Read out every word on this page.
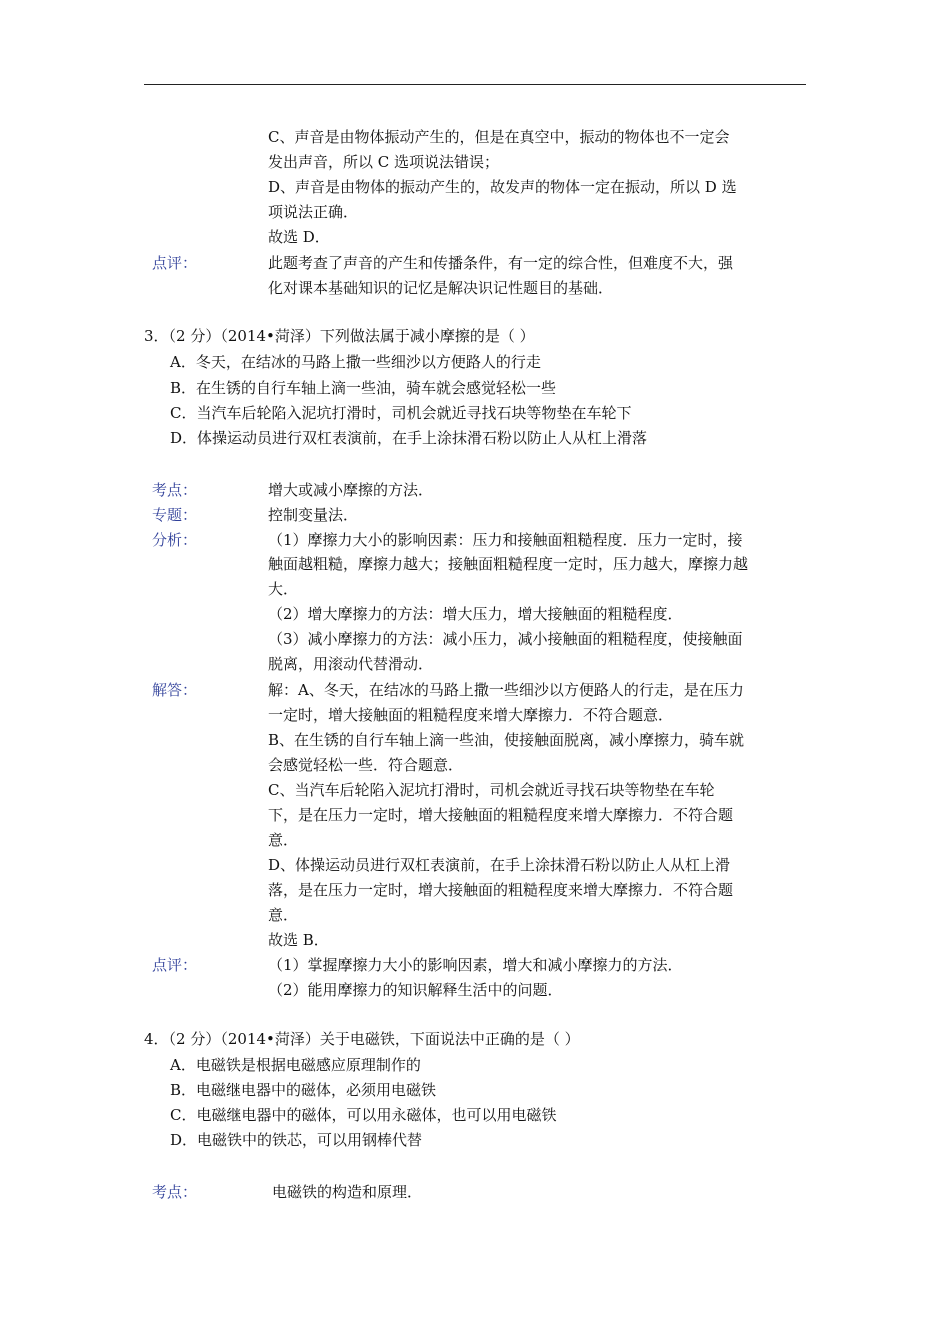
C、声音是由物体振动产生的，但是在真空中，振动的物体也不一定会
发出声音，所以 C 选项说法错误；
D、声音是由物体的振动产生的，故发声的物体一定在振动，所以 D 选
项说法正确．
故选 D．
点评：	此题考查了声音的产生和传播条件，有一定的综合性，但难度不大，强
化对课本基础知识的记忆是解决识记性题目的基础．
3．（2 分）（2014•菏泽）下列做法属于减小摩擦的是（ ）
A．冬天，在结冰的马路上撒一些细沙以方便路人的行走
B．在生锈的自行车轴上滴一些油，骑车就会感觉轻松一些
C．当汽车后轮陷入泥坑打滑时，司机会就近寻找石块等物垫在车轮下
D．体操运动员进行双杠表演前，在手上涂抹滑石粉以防止人从杠上滑落
考点：	增大或减小摩擦的方法．
专题：	控制变量法．
分析：	（1）摩擦力大小的影响因素：压力和接触面粗糙程度．压力一定时，接
触面越粗糙，摩擦力越大；接触面粗糙程度一定时，压力越大，摩擦力越
大．
（2）增大摩擦力的方法：增大压力，增大接触面的粗糙程度．
（3）减小摩擦力的方法：减小压力，减小接触面的粗糙程度，使接触面
脱离，用滚动代替滑动．
解答：	解：A、冬天，在结冰的马路上撒一些细沙以方便路人的行走，是在压力
一定时，增大接触面的粗糙程度来增大摩擦力．不符合题意．
B、在生锈的自行车轴上滴一些油，使接触面脱离，减小摩擦力，骑车就
会感觉轻松一些．符合题意．
C、当汽车后轮陷入泥坑打滑时，司机会就近寻找石块等物垫在车轮
下，是在压力一定时，增大接触面的粗糙程度来增大摩擦力．不符合题
意．
D、体操运动员进行双杠表演前，在手上涂抹滑石粉以防止人从杠上滑
落，是在压力一定时，增大接触面的粗糙程度来增大摩擦力．不符合题
意．
故选 B．
点评：	（1）掌握摩擦力大小的影响因素，增大和减小摩擦力的方法．
（2）能用摩擦力的知识解释生活中的问题．
4．（2 分）（2014•菏泽）关于电磁铁，下面说法中正确的是（ ）
A．电磁铁是根据电磁感应原理制作的
B．电磁继电器中的磁体，必须用电磁铁
C．电磁继电器中的磁体，可以用永磁体，也可以用电磁铁
D．电磁铁中的铁芯，可以用钢棒代替
考点：	电磁铁的构造和原理．
